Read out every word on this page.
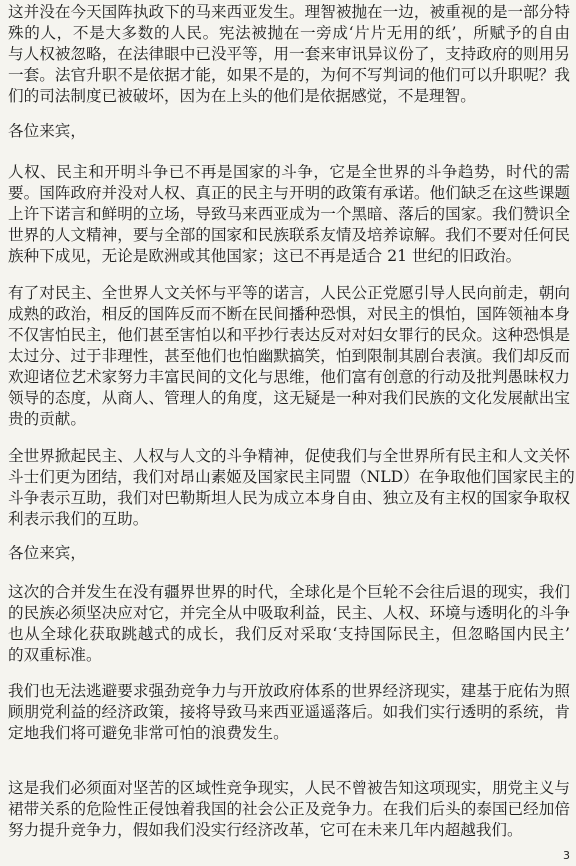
这并没在今天国阵执政下的马来西亚发生。理智被抛在一边，被重视的是一部分特
殊的人，不是大多数的人民。宪法被抛在一旁成‘片片无用的纸’，所赋予的自由
与人权被忽略，在法律眼中已没平等，用一套来审讯异议份了，支持政府的则用另
一套。法官升职不是依据才能，如果不是的，为何不写判词的他们可以升职呢？我
们的司法制度已被破坏，因为在上头的他们是依据感觉，不是理智。
各位来宾，
人权、民主和开明斗争已不再是国家的斗争，它是全世界的斗争趋势，时代的需
要。国阵政府并没对人权、真正的民主与开明的政策有承诺。他们缺乏在这些课题
上许下诺言和鲜明的立场，导致马来西亚成为一个黑暗、落后的国家。我们赞识全
世界的人文精神，要与全部的国家和民族联系友情及培养谅解。我们不要对任何民
族种下成见，无论是欧洲或其他国家；这已不再是适合 21 世纪的旧政治。
有了对民主、全世界人文关怀与平等的诺言，人民公正党愿引导人民向前走，朝向
成熟的政治，相反的国阵反而不断在民间播种恐惧，对民主的惧怕，国阵领袖本身
不仅害怕民主，他们甚至害怕以和平抄行表达反对对妇女罪行的民众。这种恐惧是
太过分、过于非理性，甚至他们也怕幽默搞笑，怕到限制其剧台表演。我们却反而
欢迎诸位艺术家努力丰富民间的文化与思维，他们富有创意的行动及批判愚昧权力
领导的态度，从商人、管理人的角度，这无疑是一种对我们民族的文化发展献出宝
贵的贡献。
全世界掀起民主、人权与人文的斗争精神，促使我们与全世界所有民主和人文关怀
斗士们更为团结，我们对昂山素姬及国家民主同盟（NLD）在争取他们国家民主的
斗争表示互助，我们对巴勒斯坦人民为成立本身自由、独立及有主权的国家争取权
利表示我们的互助。
各位来宾，
这次的合并发生在没有疆界世界的时代，全球化是个巨轮不会往后退的现实，我们
的民族必须坚决应对它，并完全从中吸取利益，民主、人权、环境与透明化的斗争
也从全球化获取跳越式的成长，我们反对采取‘支持国际民主，但忽略国内民主’
的双重标准。
我们也无法逃避要求强劲竞争力与开放政府体系的世界经济现实，建基于庇佑为照
顾朋党利益的经济政策，接将导致马来西亚遥遥落后。如我们实行透明的系统，肯
定地我们将可避免非常可怕的浪费发生。
这是我们必须面对坚苦的区域性竞争现实，人民不曾被告知这项现实，朋党主义与
裙带关系的危险性正侵蚀着我国的社会公正及竞争力。在我们后头的泰国已经加倍
努力提升竞争力，假如我们没实行经济改革，它可在未来几年内超越我们。
3
